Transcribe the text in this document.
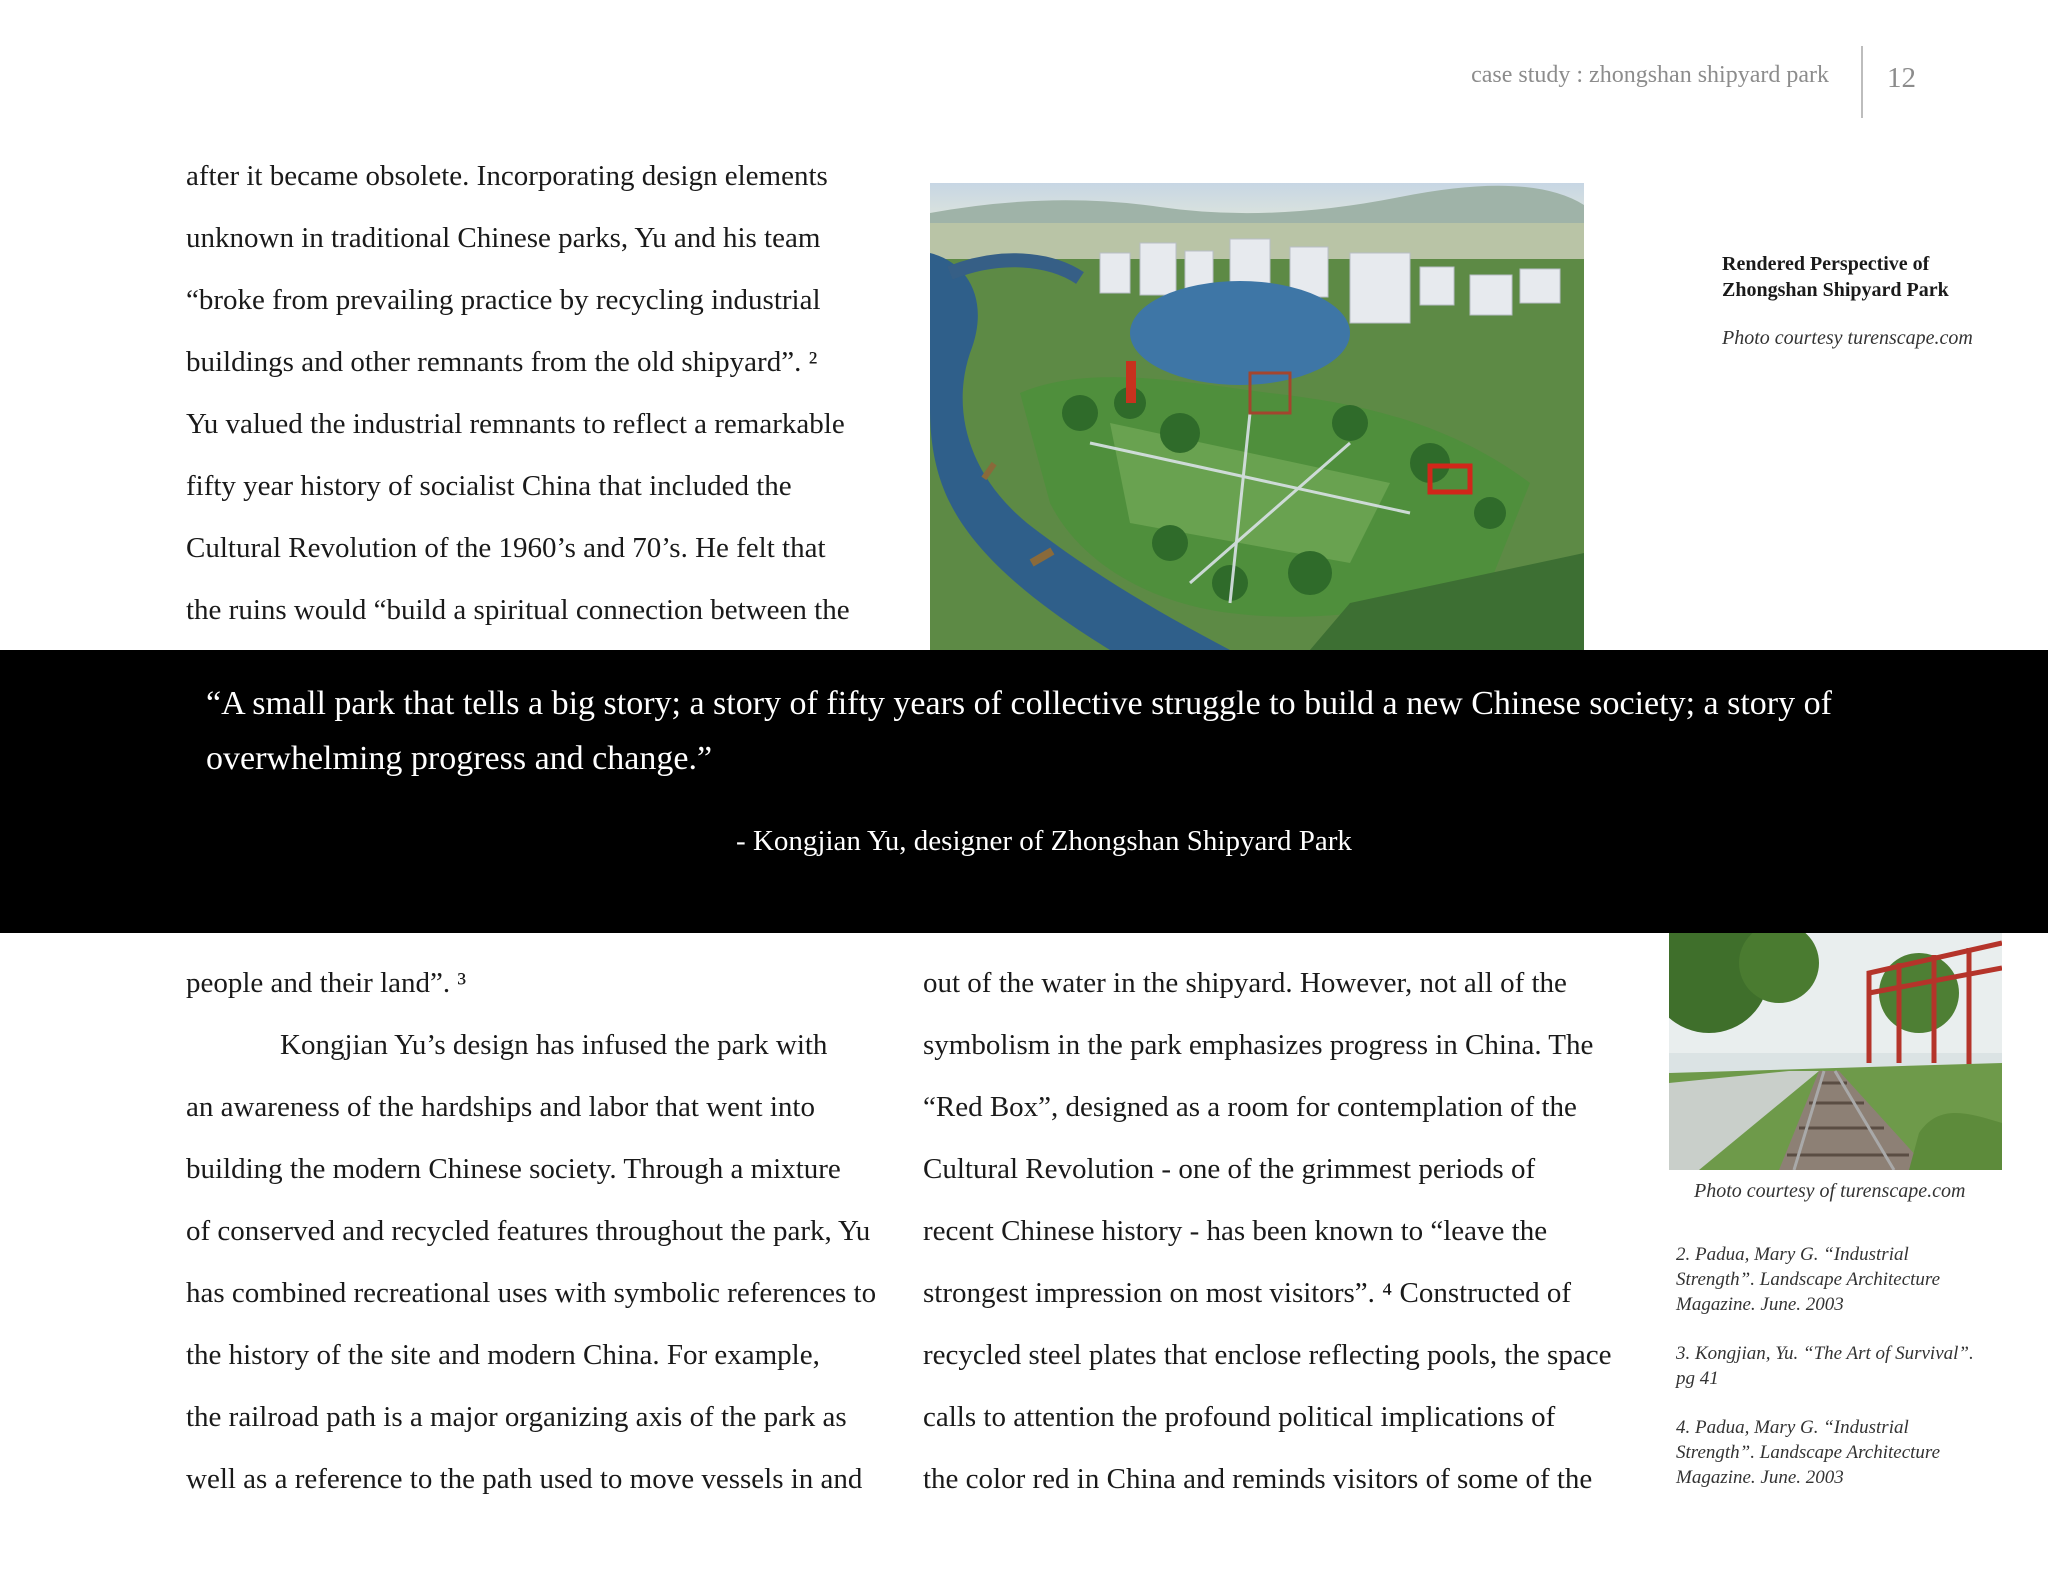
case study : zhongshan shipyard park 12
after it became obsolete. Incorporating design elements
unknown in traditional Chinese parks, Yu and his team
“broke from prevailing practice by recycling industrial
buildings and other remnants from the old shipyard”. ²
Yu valued the industrial remnants to reflect a remarkable
fifty year history of socialist China that included the
Cultural Revolution of the 1960’s and 70’s. He felt that
the ruins would “build a spiritual connection between the
Rendered Perspective of
Zhongshan Shipyard Park
Photo courtesy turenscape.com
“A small park that tells a big story; a story of fifty years of collective struggle to build a new Chinese society; a story of
overwhelming progress and change.”
- Kongjian Yu, designer of Zhongshan Shipyard Park
people and their land”. ³
Kongjian Yu’s design has infused the park with
an awareness of the hardships and labor that went into
building the modern Chinese society. Through a mixture
of conserved and recycled features throughout the park, Yu
has combined recreational uses with symbolic references to
the history of the site and modern China. For example,
the railroad path is a major organizing axis of the park as
well as a reference to the path used to move vessels in and
out of the water in the shipyard. However, not all of the
symbolism in the park emphasizes progress in China. The
“Red Box”, designed as a room for contemplation of the
Cultural Revolution - one of the grimmest periods of
recent Chinese history - has been known to “leave the
strongest impression on most visitors”. ⁴ Constructed of
recycled steel plates that enclose reflecting pools, the space
calls to attention the profound political implications of
the color red in China and reminds visitors of some of the
Photo courtesy of turenscape.com
2. Padua, Mary G. “Industrial
Strength”. Landscape Architecture
Magazine. June. 2003
3. Kongjian, Yu. “The Art of Survival”.
pg 41
4. Padua, Mary G. “Industrial
Strength”. Landscape Architecture
Magazine. June. 2003
